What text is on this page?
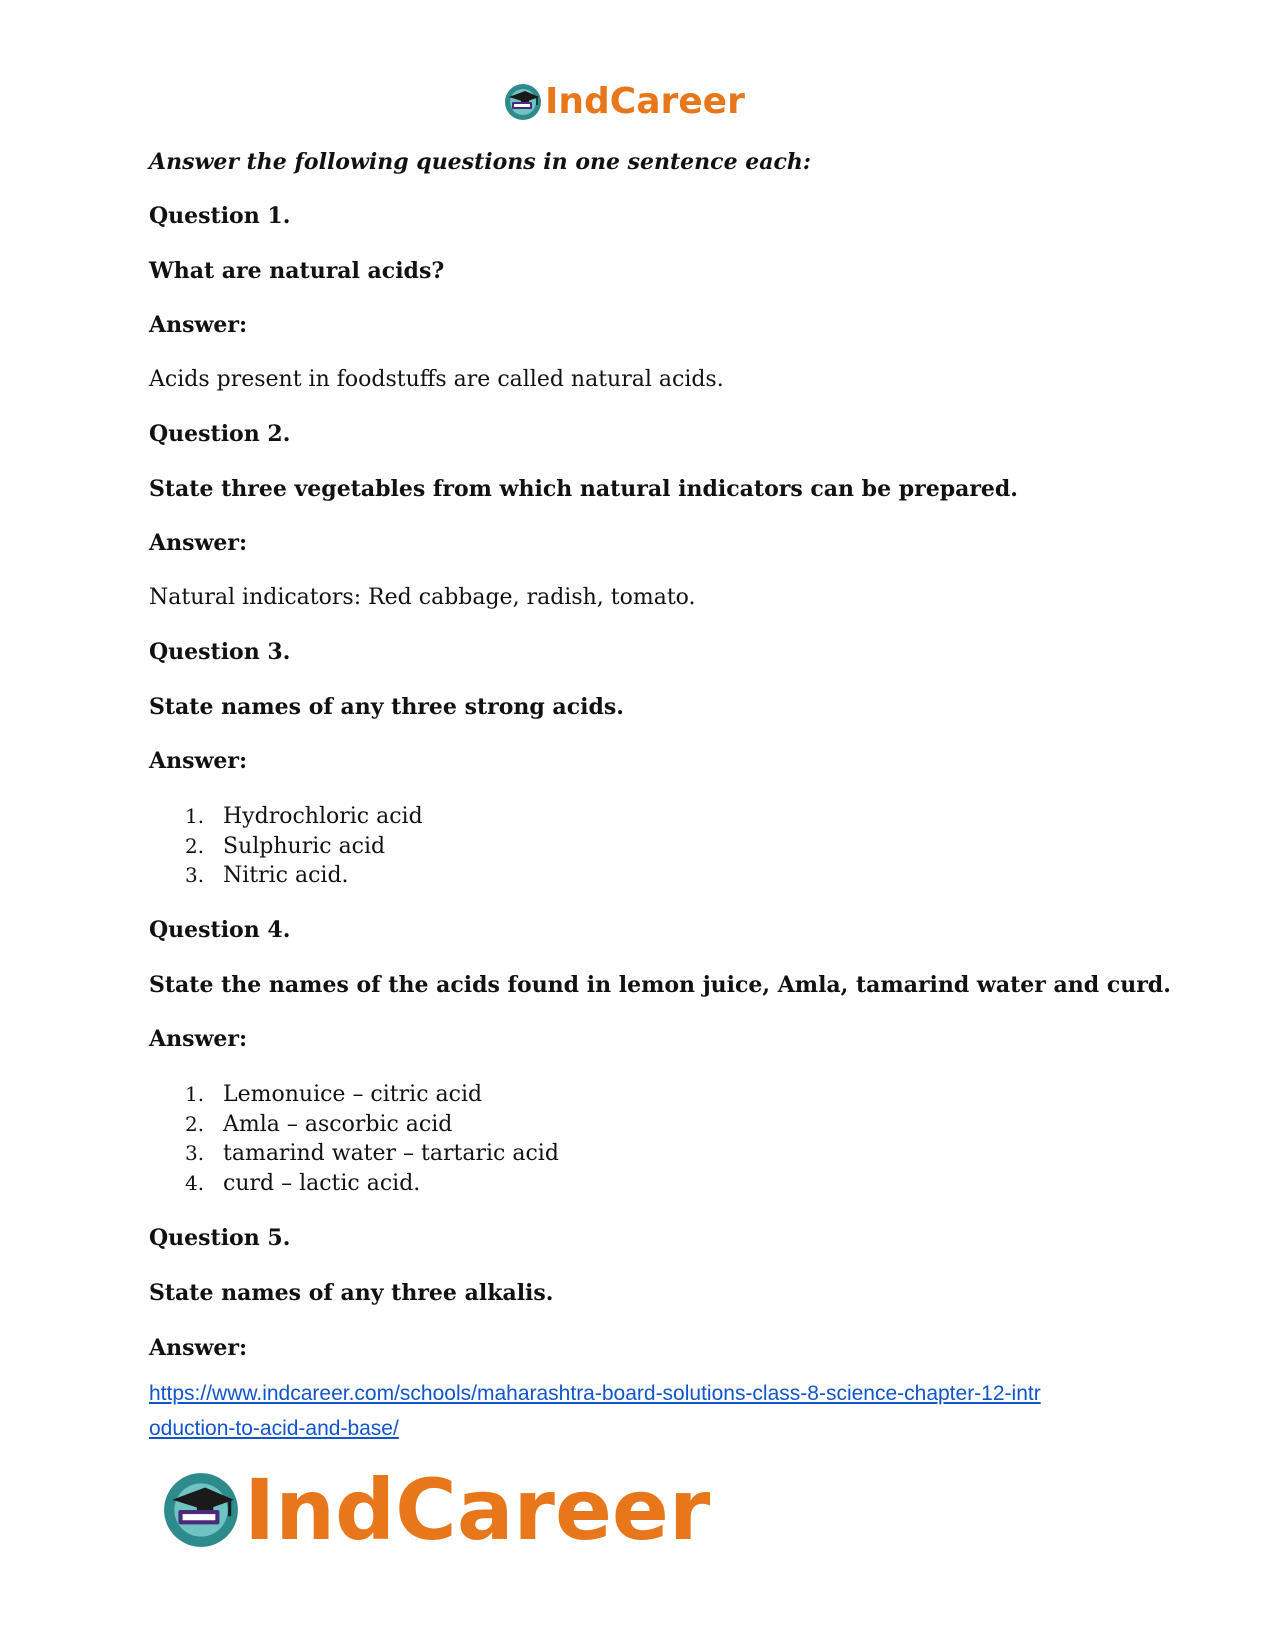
IndCareer
Answer the following questions in one sentence each:
Question 1.
What are natural acids?
Answer:
Acids present in foodstuffs are called natural acids.
Question 2.
State three vegetables from which natural indicators can be prepared.
Answer:
Natural indicators: Red cabbage, radish, tomato.
Question 3.
State names of any three strong acids.
Answer:
1. Hydrochloric acid
2. Sulphuric acid
3. Nitric acid.
Question 4.
State the names of the acids found in lemon juice, Amla, tamarind water and curd.
Answer:
1. Lemonuice – citric acid
2. Amla – ascorbic acid
3. tamarind water – tartaric acid
4. curd – lactic acid.
Question 5.
State names of any three alkalis.
Answer:
https://www.indcareer.com/schools/maharashtra-board-solutions-class-8-science-chapter-12-intr
oduction-to-acid-and-base/
IndCareer
